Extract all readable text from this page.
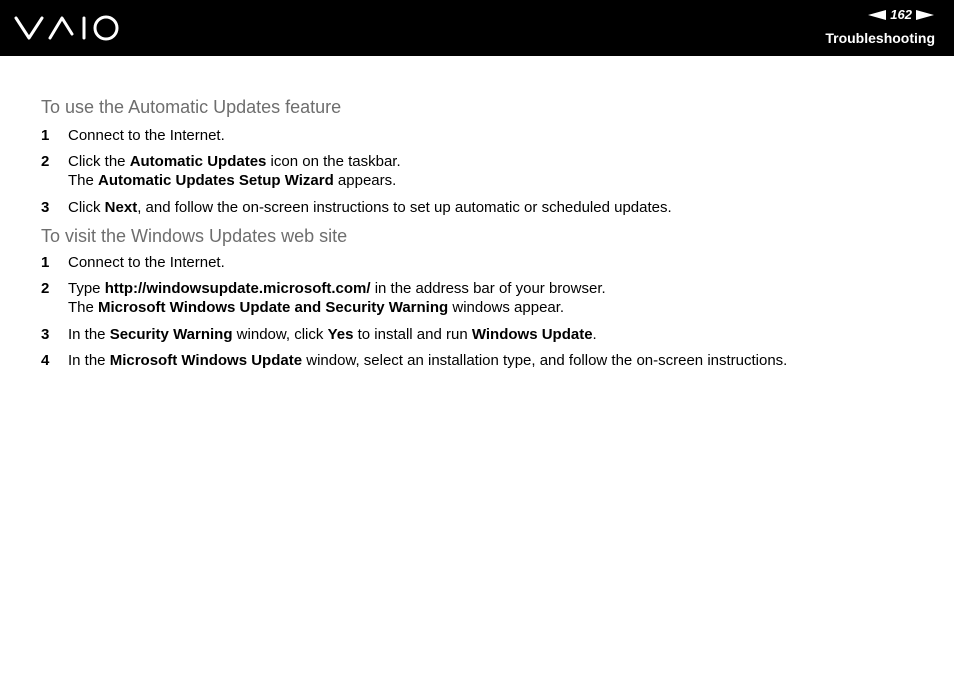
162
Troubleshooting
To use the Automatic Updates feature
1	Connect to the Internet.
2	Click the Automatic Updates icon on the taskbar.
The Automatic Updates Setup Wizard appears.
3	Click Next, and follow the on-screen instructions to set up automatic or scheduled updates.
To visit the Windows Updates web site
1	Connect to the Internet.
2	Type http://windowsupdate.microsoft.com/ in the address bar of your browser.
The Microsoft Windows Update and Security Warning windows appear.
3	In the Security Warning window, click Yes to install and run Windows Update.
4	In the Microsoft Windows Update window, select an installation type, and follow the on-screen instructions.
